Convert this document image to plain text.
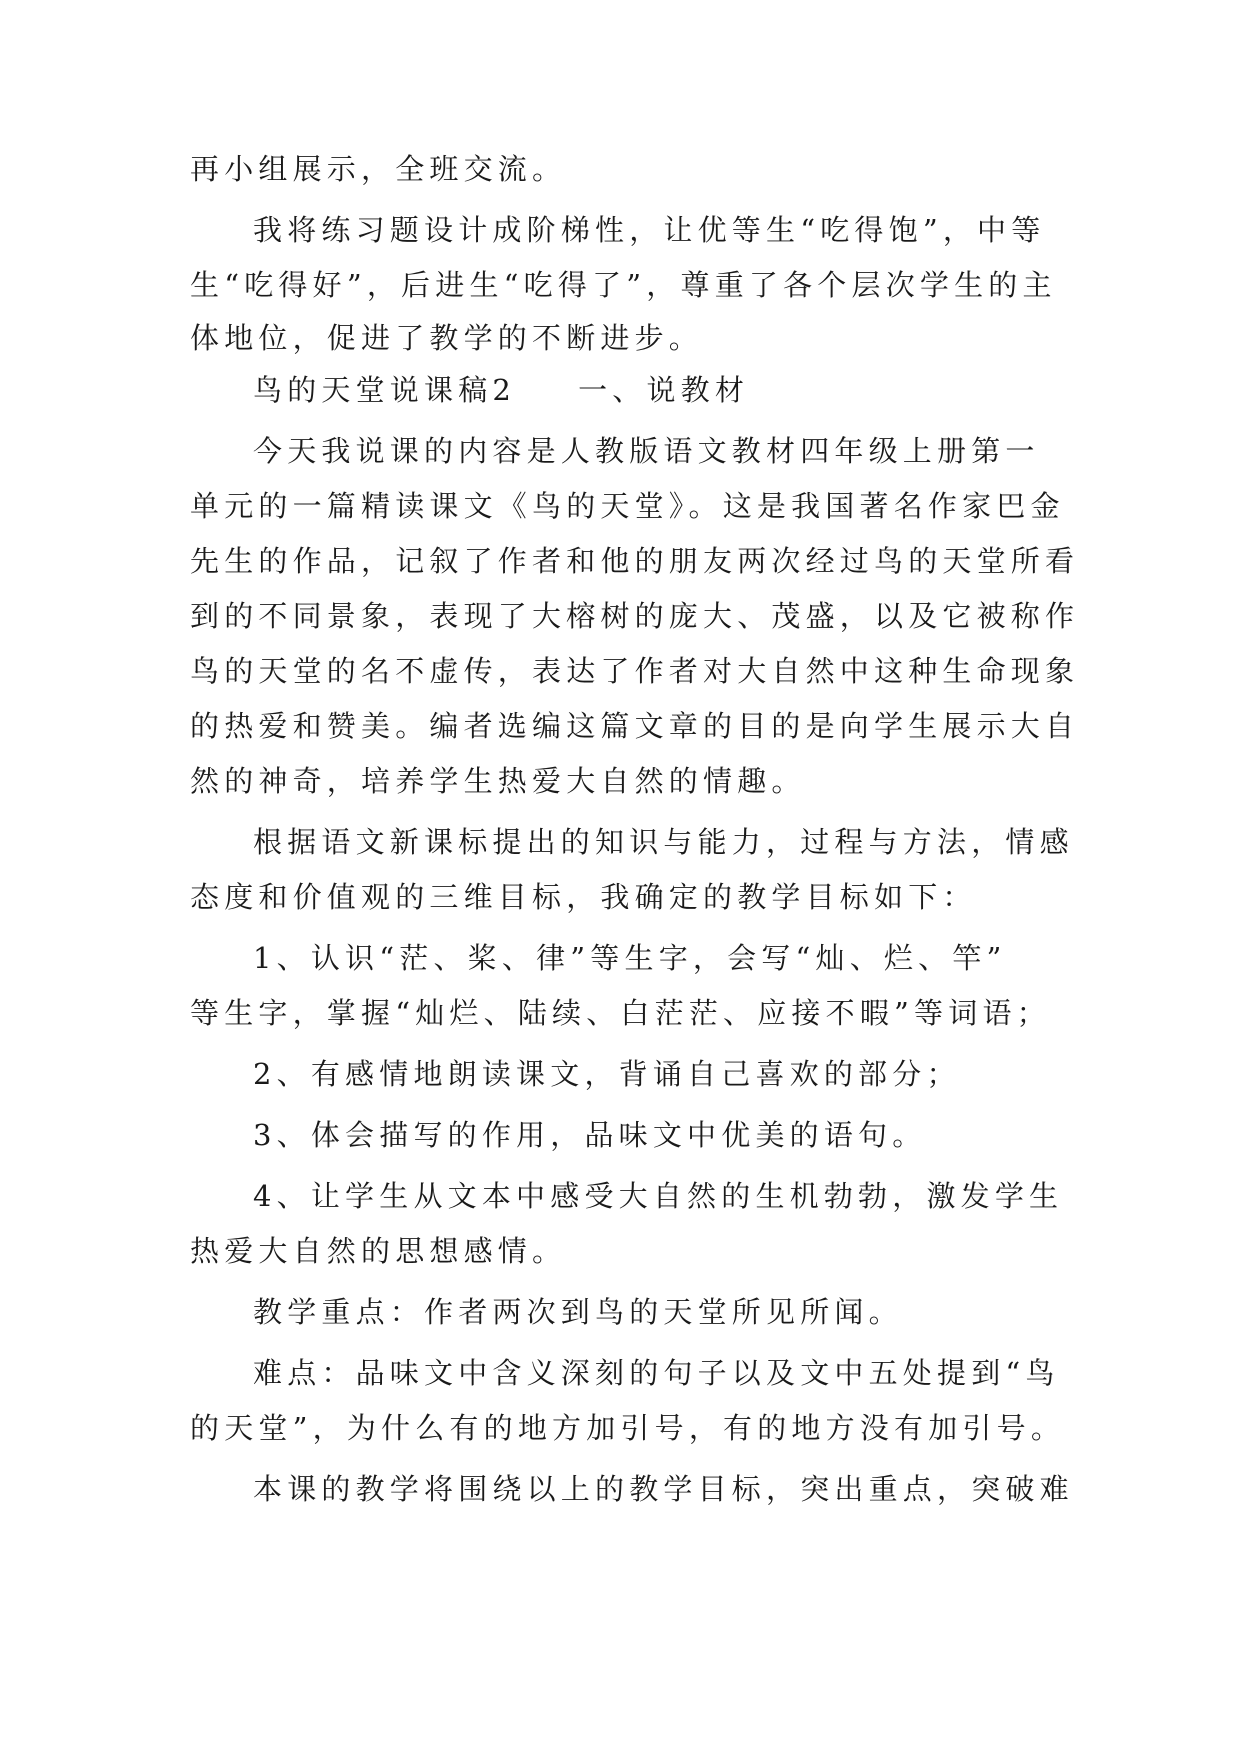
再小组展示，全班交流。
我将练习题设计成阶梯性，让优等生“吃得饱”，中等
生“吃得好”，后进生“吃得了”，尊重了各个层次学生的主
体地位，促进了教学的不断进步。
鸟的天堂说课稿2 一、说教材
今天我说课的内容是人教版语文教材四年级上册第一
单元的一篇精读课文《鸟的天堂》。这是我国著名作家巴金
先生的作品，记叙了作者和他的朋友两次经过鸟的天堂所看
到的不同景象，表现了大榕树的庞大、茂盛，以及它被称作
鸟的天堂的名不虚传，表达了作者对大自然中这种生命现象
的热爱和赞美。编者选编这篇文章的目的是向学生展示大自
然的神奇，培养学生热爱大自然的情趣。
根据语文新课标提出的知识与能力，过程与方法，情感
态度和价值观的三维目标，我确定的教学目标如下：
1、认识“茫、桨、律”等生字，会写“灿、烂、竿”
等生字，掌握“灿烂、陆续、白茫茫、应接不暇”等词语；
2、有感情地朗读课文，背诵自己喜欢的部分；
3、体会描写的作用，品味文中优美的语句。
4、让学生从文本中感受大自然的生机勃勃，激发学生
热爱大自然的思想感情。
教学重点：作者两次到鸟的天堂所见所闻。
难点：品味文中含义深刻的句子以及文中五处提到“鸟
的天堂”，为什么有的地方加引号，有的地方没有加引号。
本课的教学将围绕以上的教学目标，突出重点，突破难
